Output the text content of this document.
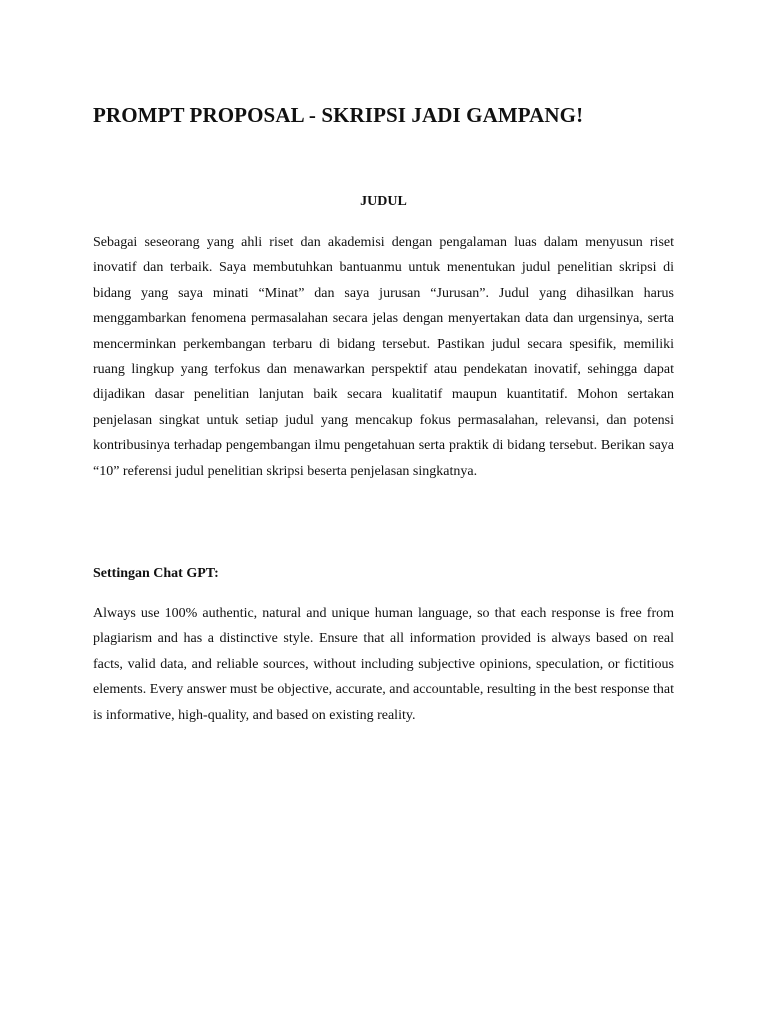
PROMPT PROPOSAL - SKRIPSI JADI GAMPANG!
JUDUL

Sebagai seseorang yang ahli riset dan akademisi dengan pengalaman luas dalam menyusun riset inovatif dan terbaik. Saya membutuhkan bantuanmu untuk menentukan judul penelitian skripsi di bidang yang saya minati “Minat” dan saya jurusan “Jurusan”. Judul yang dihasilkan harus menggambarkan fenomena permasalahan secara jelas dengan menyertakan data dan urgensinya, serta mencerminkan perkembangan terbaru di bidang tersebut. Pastikan judul secara spesifik, memiliki ruang lingkup yang terfokus dan menawarkan perspektif atau pendekatan inovatif, sehingga dapat dijadikan dasar penelitian lanjutan baik secara kualitatif maupun kuantitatif. Mohon sertakan penjelasan singkat untuk setiap judul yang mencakup fokus permasalahan, relevansi, dan potensi kontribusinya terhadap pengembangan ilmu pengetahuan serta praktik di bidang tersebut. Berikan saya “10” referensi judul penelitian skripsi beserta penjelasan singkatnya.

Settingan Chat GPT:

Always use 100% authentic, natural and unique human language, so that each response is free from plagiarism and has a distinctive style. Ensure that all information provided is always based on real facts, valid data, and reliable sources, without including subjective opinions, speculation, or fictitious elements. Every answer must be objective, accurate, and accountable, resulting in the best response that is informative, high-quality, and based on existing reality.
